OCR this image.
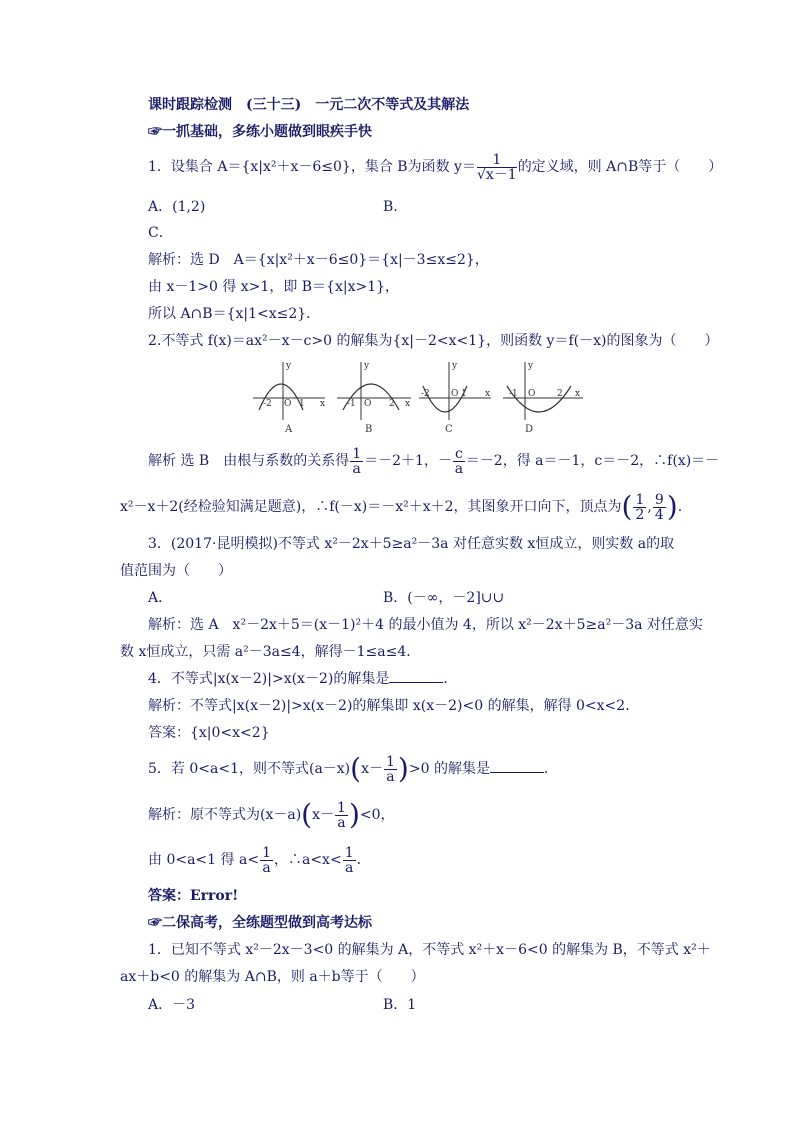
课时跟踪检测　(三十三)　一元二次不等式及其解法
☞一抓基础，多练小题做到眼疾手快
1．设集合 A＝{x|x²＋x－6≤0}，集合 B为函数 $y= \frac{1}{√x-1}$ 的定义域，则 A∩B等于（　　）
A．(1,2)	B．
C．
解析：选 D　A＝{x|x²＋x－6≤0}＝{x|－3≤x≤2}，
由 x－1>0 得 x>1，即 B＝{x|x>1}，
所以 A∩B＝{x|1<x≤2}．
2.不等式 f(x)＝ax²－x－c>0 的解集为{x|－2<x<1}，则函数 y＝f(－x)的图象为（　　）
y
-2 O 1 x
y
-1 O 2 x
y
-2 O 1 x
y
-1 O 2 x
A	B	C	D
解析 选 B　由根与系数的关系得 $\frac{1}{a} =-2+1$，－ $\frac{c}{a} =-2$，得 a＝－1，c＝－2，∴f(x)＝－
x²－x＋2(经检验知满足题意)，∴f(－x)＝－x²＋x＋2，其图象开口向下，顶点为( $\frac{1}{2}$ , $\frac{9}{4}$ ).
3．(2017·昆明模拟)不等式 x²－2x＋5≥a²－3a 对任意实数 x恒成立，则实数 a的取
值范围为（　　）
A．	B．(－∞，－2]∪∪
解析：选 A　x²－2x＋5＝(x－1)²＋4 的最小值为 4，所以 x²－2x＋5≥a²－3a 对任意实
数 x恒成立，只需 a²－3a≤4，解得－1≤a≤4．
4．不等式|x(x－2)|>x(x－2)的解集是	．
解析：不等式|x(x－2)|>x(x－2)的解集即 x(x－2)<0 的解集，解得 0<x<2．
答案：{x|0<x<2}
5．若 0<a<1，则不等式$(a-x)(x- \frac{1}{a} )>0$ 的解集是	．
解析：原不等式为$(x-a)(x- \frac{1}{a} )<0$，
由 0<a<1 得 $a< \frac{1}{a}$ ，∴a<x< $\frac{1}{a}$ ．
答案：Error!
☞二保高考，全练题型做到高考达标
1．已知不等式 x²－2x－3<0 的解集为 A，不等式 x²＋x－6<0 的解集为 B，不等式 x²＋
ax＋b<0 的解集为 A∩B，则 a＋b等于（　　）
A．－3	B．1
